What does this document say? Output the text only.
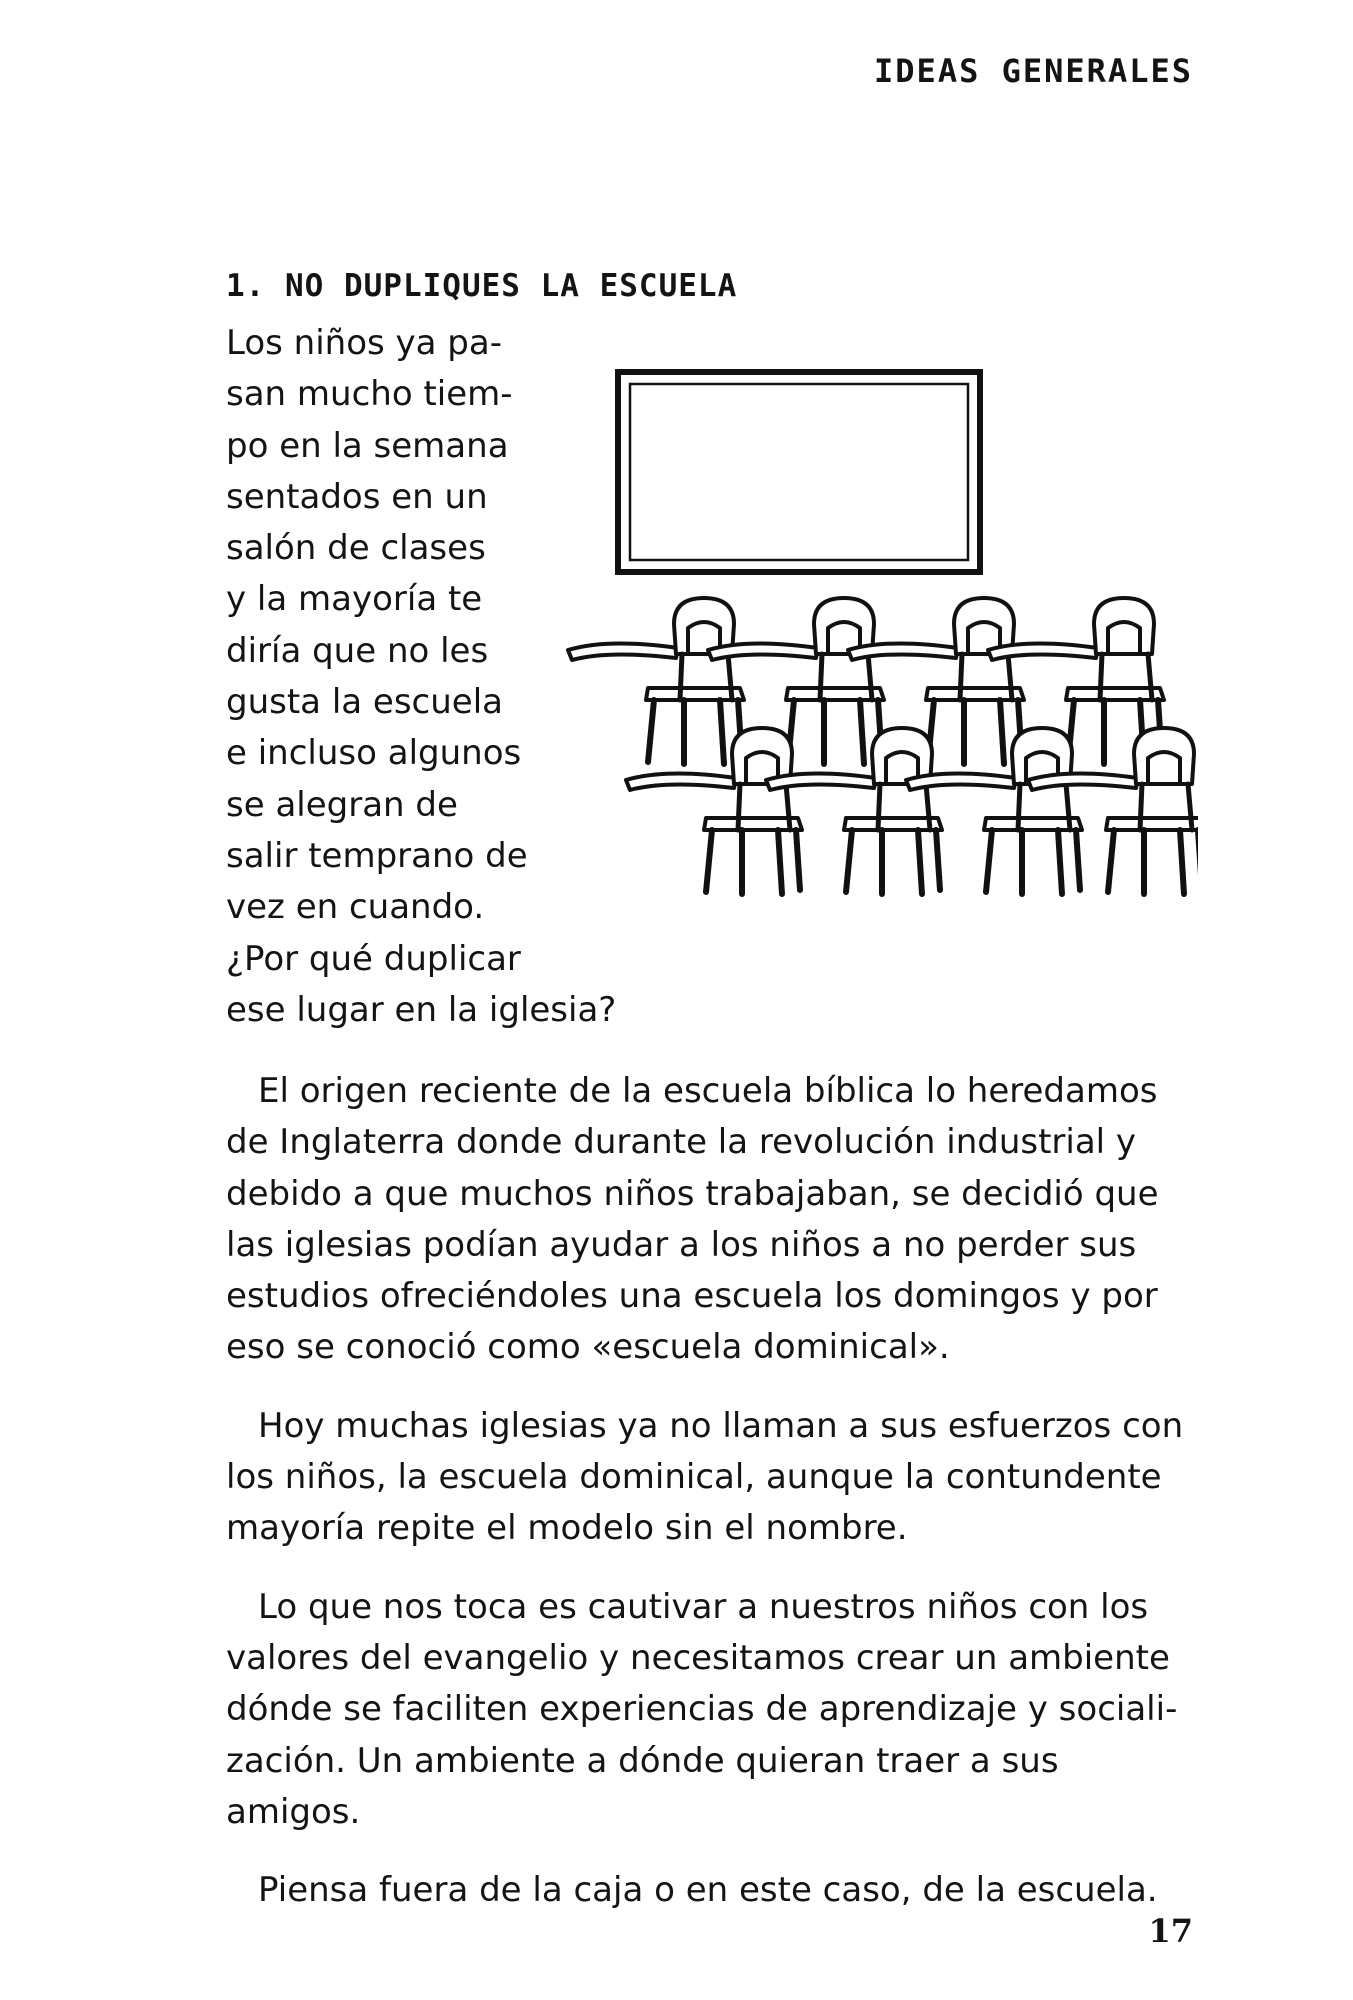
IDEAS GENERALES
1. NO DUPLIQUES LA ESCUELA

Los niños ya pa-
san mucho tiem-
po en la semana
sentados en un
salón de clases
y la mayoría te
diría que no les
gusta la escuela
e incluso algunos
se alegran de
salir temprano de
vez en cuando.
¿Por qué duplicar
ese lugar en la iglesia?

El origen reciente de la escuela bíblica lo heredamos de Inglaterra donde durante la revolución industrial y debido a que muchos niños trabajaban, se decidió que las iglesias podían ayudar a los niños a no perder sus estudios ofreciéndoles una escuela los domingos y por eso se conoció como «escuela dominical».

Hoy muchas iglesias ya no llaman a sus esfuerzos con los niños, la escuela dominical, aunque la contundente mayoría repite el modelo sin el nombre.

Lo que nos toca es cautivar a nuestros niños con los valores del evangelio y necesitamos crear un ambiente dónde se faciliten experiencias de aprendizaje y socialización. Un ambiente a dónde quieran traer a sus amigos.

Piensa fuera de la caja o en este caso, de la escuela.

17
